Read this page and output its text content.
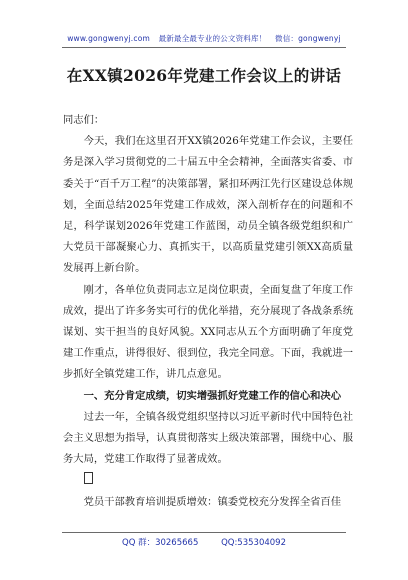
www.gongwenyj.com 最新最全最专业的公文资料库！ 微信：gongwenyj
在XX镇2026年党建工作会议上的讲话

同志们：

今天，我们在这里召开XX镇2026年党建工作会议，主要任务是深入学习贯彻党的二十届五中全会精神，全面落实省委、市委关于“百千万工程”的决策部署，紧扣环两江先行区建设总体规划，全面总结2025年党建工作成效，深入剖析存在的问题和不足，科学谋划2026年党建工作蓝图，动员全镇各级党组织和广大党员干部凝聚心力、真抓实干，以高质量党建引领XX高质量发展再上新台阶。

刚才，各单位负责同志立足岗位职责，全面复盘了年度工作成效，提出了许多务实可行的优化举措，充分展现了各战条系统谋划、实干担当的良好风貌。XX同志从五个方面明确了年度党建工作重点，讲得很好、很到位，我完全同意。下面，我就进一步抓好全镇党建工作，讲几点意见。

一、充分肯定成绩，切实增强抓好党建工作的信心和决心

过去一年，全镇各级党组织坚持以习近平新时代中国特色社会主义思想为指导，认真贯彻落实上级决策部署，围绕中心、服务大局，党建工作取得了显著成效。

党员干部教育培训提质增效：镇委党校充分发挥全省百佳

QQ 群：30265665	QQ:535304092
